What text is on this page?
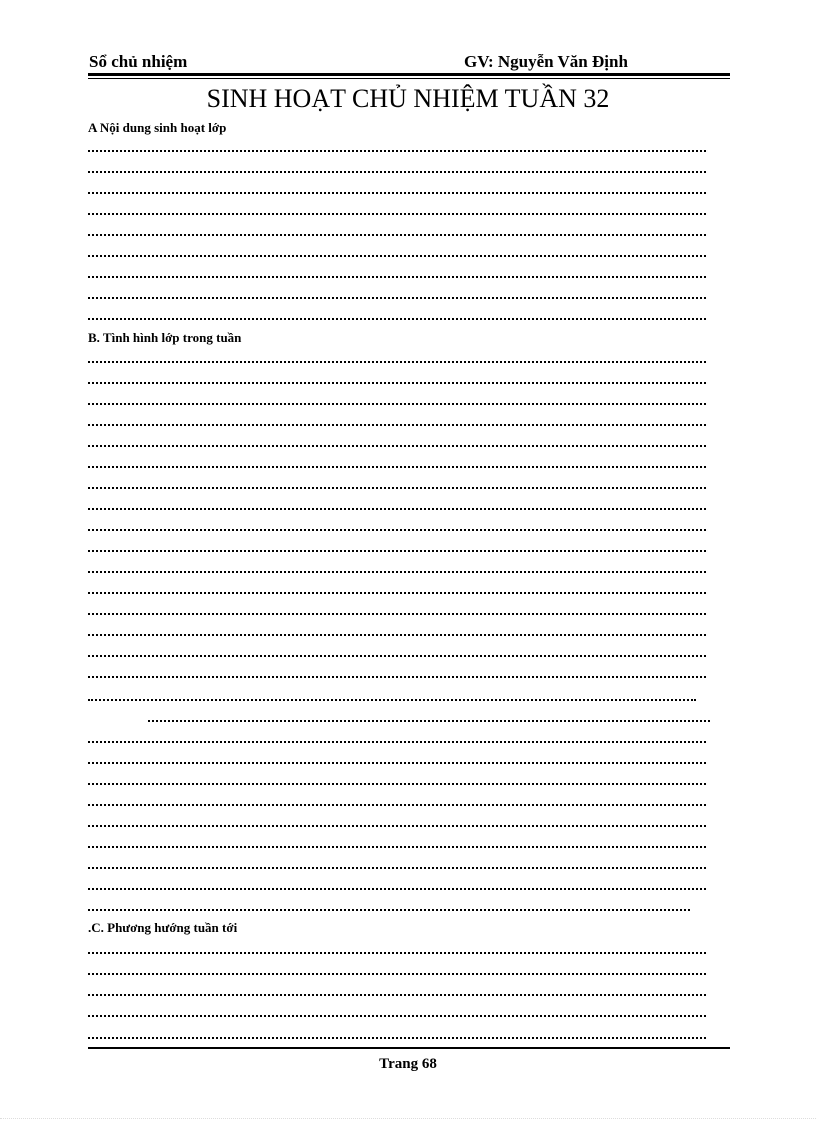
Sổ chủ nhiệm	GV: Nguyễn Văn Định
SINH HOẠT CHỦ NHIỆM TUẦN 32
A Nội dung sinh hoạt lớp
B. Tình hình lớp trong tuần
.C. Phương hướng tuần tới
Trang 68
